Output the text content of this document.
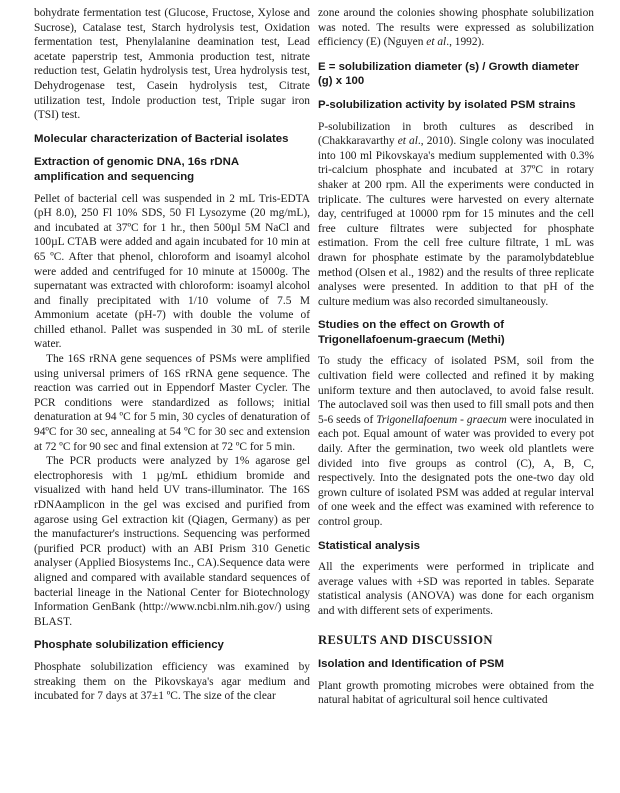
bohydrate fermentation test (Glucose, Fructose, Xylose and Sucrose), Catalase test, Starch hydrolysis test, Oxidation fermentation test, Phenylalanine deamination test, Lead acetate paperstrip test, Ammonia production test, nitrate reduction test, Gelatin hydrolysis test, Urea hydrolysis test, Dehydrogenase test, Casein hydrolysis test, Citrate utilization test, Indole production test, Triple sugar iron (TSI) test.

Molecular characterization of Bacterial isolates
Extraction of genomic DNA, 16s rDNA amplification and sequencing

Pellet of bacterial cell was suspended in 2 mL Tris-EDTA (pH 8.0), 250 Fl 10% SDS, 50 Fl Lysozyme (20 mg/mL), and incubated at 37ºC for 1 hr., then 500µl 5M NaCl and 100µL CTAB were added and again incubated for 10 min at 65 ºC. After that phenol, chloroform and isoamyl alcohol were added and centrifuged for 10 minute at 15000g. The supernatant was extracted with chloroform: isoamyl alcohol and finally precipitated with 1/10 volume of 7.5 M Ammonium acetate (pH-7) with double the volume of chilled ethanol. Pallet was suspended in 30 mL of sterile water.

The 16S rRNA gene sequences of PSMs were amplified using universal primers of 16S rRNA gene sequence. The reaction was carried out in Eppendorf Master Cycler. The PCR conditions were standardized as follows; initial denaturation at 94 ºC for 5 min, 30 cycles of denaturation of 94ºC for 30 sec, annealing at 54 ºC for 30 sec and extension at 72 ºC for 90 sec and final extension at 72 ºC for 5 min.

The PCR products were analyzed by 1% agarose gel electrophoresis with 1 µg/mL ethidium bromide and visualized with hand held UV trans-illuminator. The 16S rDNAamplicon in the gel was excised and purified from agarose using Gel extraction kit (Qiagen, Germany) as per the manufacturer's instructions. Sequencing was performed (purified PCR product) with an ABI Prism 310 Genetic analyser (Applied Biosystems Inc., CA).Sequence data were aligned and compared with available standard sequences of bacterial lineage in the National Center for Biotechnology Information GenBank (http://www.ncbi.nlm.nih.gov/) using BLAST.

Phosphate solubilization efficiency

Phosphate solubilization efficiency was examined by streaking them on the Pikovskaya's agar medium and incubated for 7 days at 37±1 ºC. The size of the clear

zone around the colonies showing phosphate solubilization was noted. The results were expressed as solubilization efficiency (E) (Nguyen et al., 1992).

E = solubilization diameter (s) / Growth diameter (g) x 100
P-solubilization activity by isolated PSM strains

P-solubilization in broth cultures as described in (Chakkaravarthy et al., 2010). Single colony was inoculated into 100 ml Pikovskaya's medium supplemented with 0.3% tri-calcium phosphate and incubated at 37ºC in rotary shaker at 200 rpm. All the experiments were conducted in triplicate. The cultures were harvested on every alternate day, centrifuged at 10000 rpm for 15 minutes and the cell free culture filtrates were subjected for phosphate estimation. From the cell free culture filtrate, 1 mL was drawn for phosphate estimate by the paramolybdateblue method (Olsen et al., 1982) and the results of three replicate analyses were presented. In addition to that pH of the culture medium was also recorded simultaneously.

Studies on the effect on Growth of Trigonellafoenum-graecum (Methi)

To study the efficacy of isolated PSM, soil from the cultivation field were collected and refined it by making uniform texture and then autoclaved, to avoid false result. The autoclaved soil was then used to fill small pots and then 5-6 seeds of Trigonellafoenum - graecum were inoculated in each pot. Equal amount of water was provided to every pot daily. After the germination, two week old plantlets were divided into five groups as control (C), A, B, C, respectively. Into the designated pots the one-two day old grown culture of isolated PSM was added at regular interval of one week and the effect was examined with reference to control group.

Statistical analysis

All the experiments were performed in triplicate and average values with +SD was reported in tables. Separate statistical analysis (ANOVA) was done for each organism and with different sets of experiments.

RESULTS AND DISCUSSION
Isolation and Identification of PSM

Plant growth promoting microbes were obtained from the natural habitat of agricultural soil hence cultivated
